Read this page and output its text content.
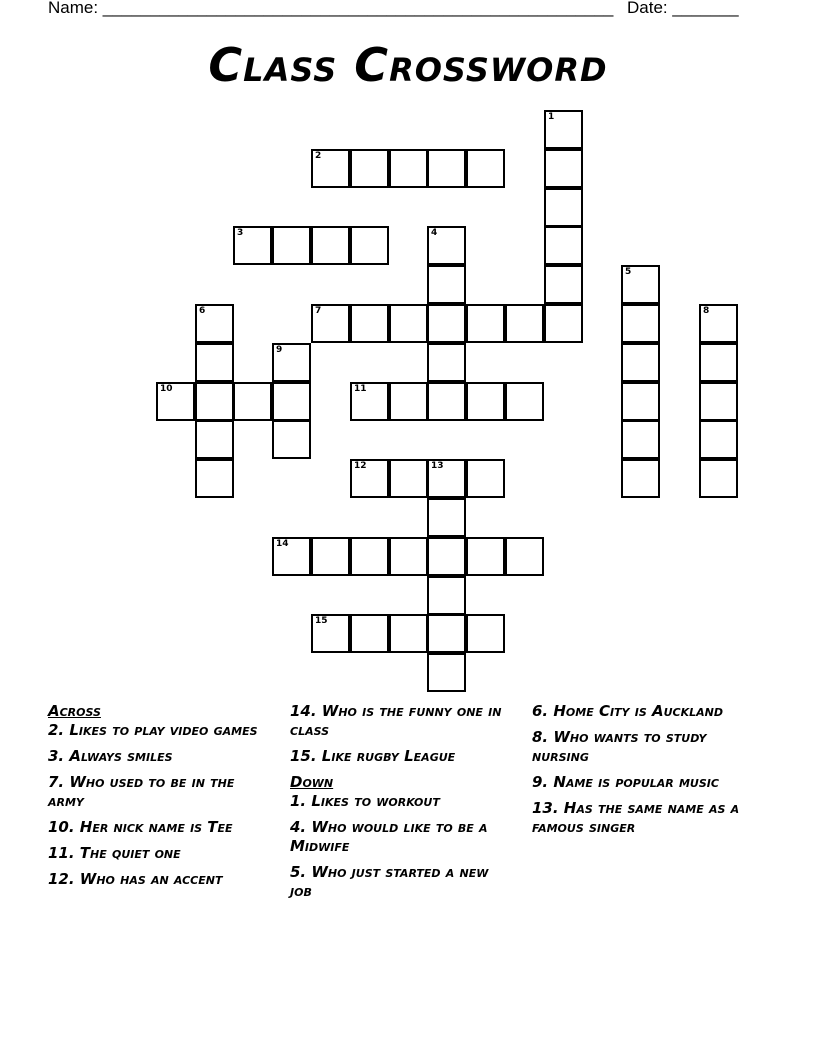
Name: ______________________________________________________ Date: _______
Class Crossword
1
2
3	4
5
6	7	8
9
10	11
12	13
14
15
Across
2. Likes to play video games
3. Always smiles
7. Who used to be in the army
10. Her nick name is Tee
11. The quiet one
12. Who has an accent
14. Who is the funny one in class
15. Like rugby League
Down
1. Likes to workout
4. Who would like to be a Midwife
5. Who just started a new job
6. Home City is Auckland
8. Who wants to study nursing
9. Name is popular music
13. Has the same name as a famous singer
